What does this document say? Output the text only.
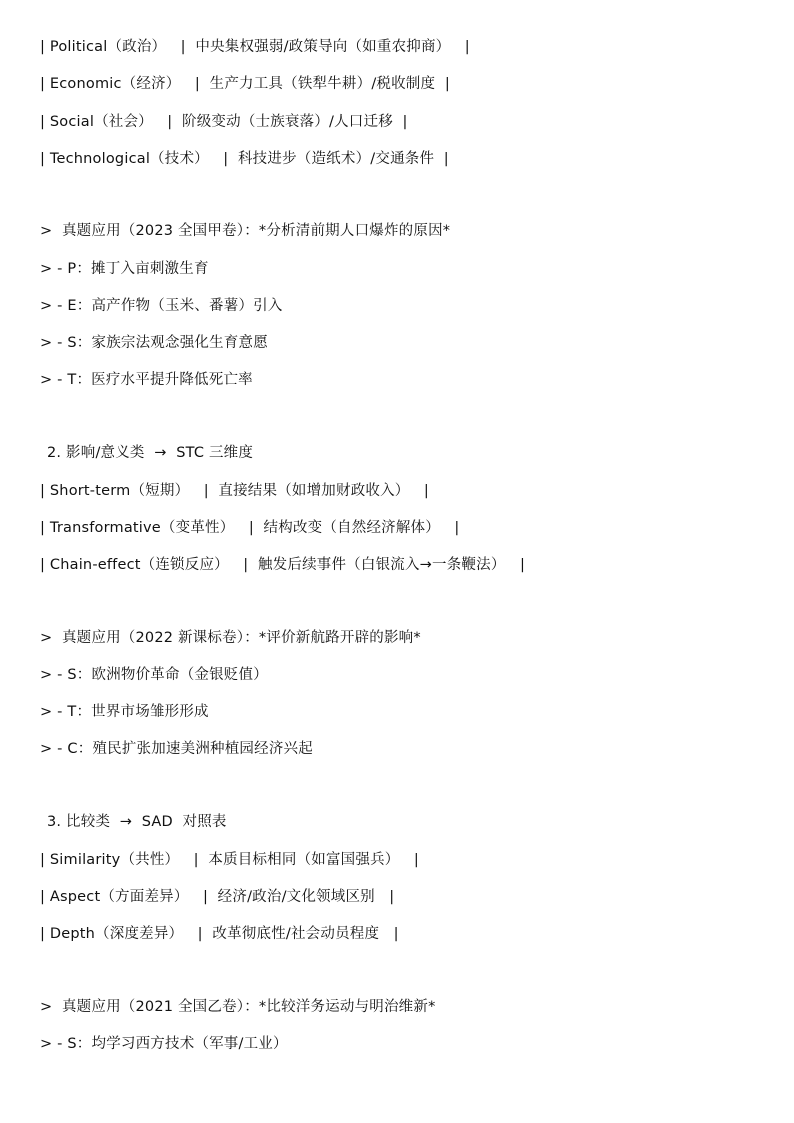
| Political（政治）   |  中央集权强弱/政策导向（如重农抑商）   |
| Economic（经济）   |  生产力工具（铁犁牛耕）/税收制度  |
| Social（社会）   |  阶级变动（士族衰落）/人口迁移  |
| Technological（技术）   |  科技进步（造纸术）/交通条件  |
>  真题应用（2023 全国甲卷）：*分析清前期人口爆炸的原因*
> - P：摊丁入亩刺激生育
> - E：高产作物（玉米、番薯）引入
> - S：家族宗法观念强化生育意愿
> - T：医疗水平提升降低死亡率
2. 影响/意义类  →  STC 三维度
| Short-term（短期）   |  直接结果（如增加财政收入）   |
| Transformative（变革性）   |  结构改变（自然经济解体）   |
| Chain-effect（连锁反应）   |  触发后续事件（白银流入→一条鞭法）   |
>  真题应用（2022 新课标卷）：*评价新航路开辟的影响*
> - S：欧洲物价革命（金银贬值）
> - T：世界市场雏形形成
> - C：殖民扩张加速美洲种植园经济兴起
3. 比较类  →  SAD  对照表
| Similarity（共性）   |  本质目标相同（如富国强兵）   |
| Aspect（方面差异）   |  经济/政治/文化领域区别   |
| Depth（深度差异）   |  改革彻底性/社会动员程度   |
>  真题应用（2021 全国乙卷）：*比较洋务运动与明治维新*
> - S：均学习西方技术（军事/工业）
